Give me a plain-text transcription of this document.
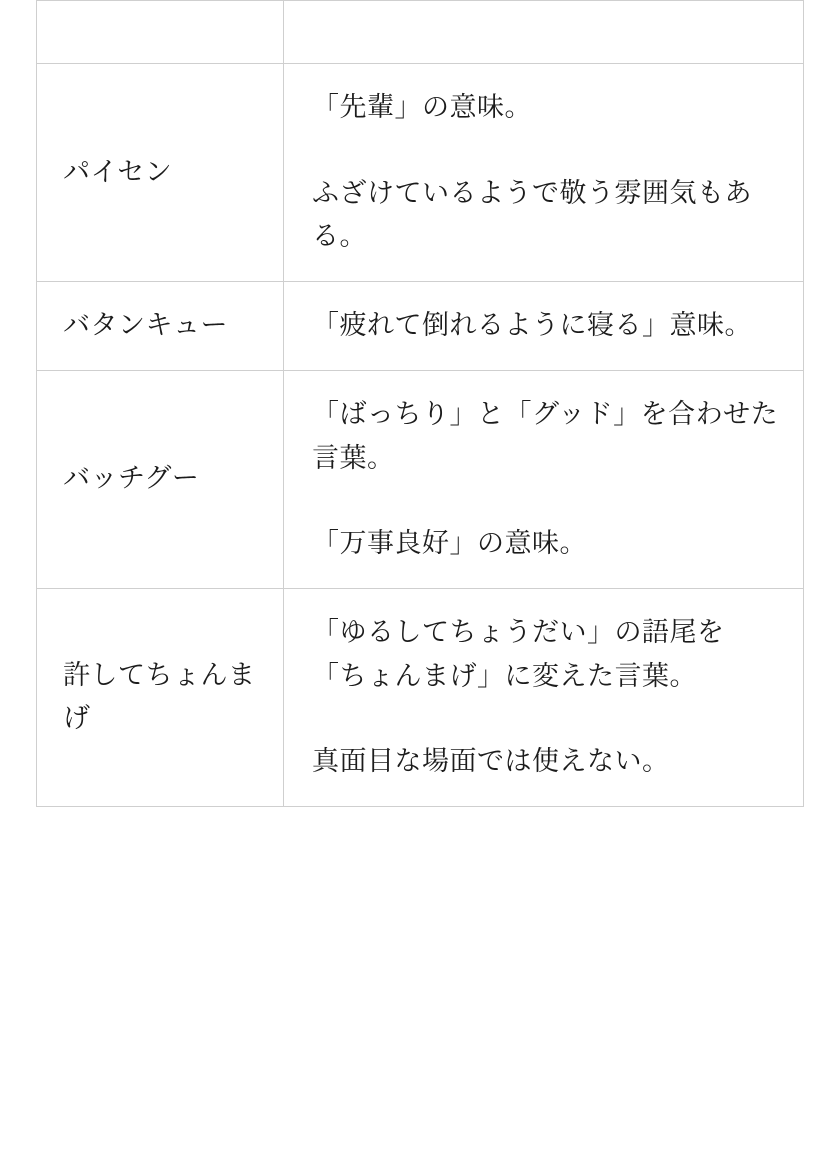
パイセン	「先輩」の意味。

ふざけているようで敬う雰囲気もある。

バタンキュー	「疲れて倒れるように寝る」意味。

バッチグー	「ばっちり」と「グッド」を合わせた言葉。

「万事良好」の意味。

許してちょんまげ	「ゆるしてちょうだい」の語尾を

「ちょんまげ」に変えた言葉。

真面目な場面では使えない。
